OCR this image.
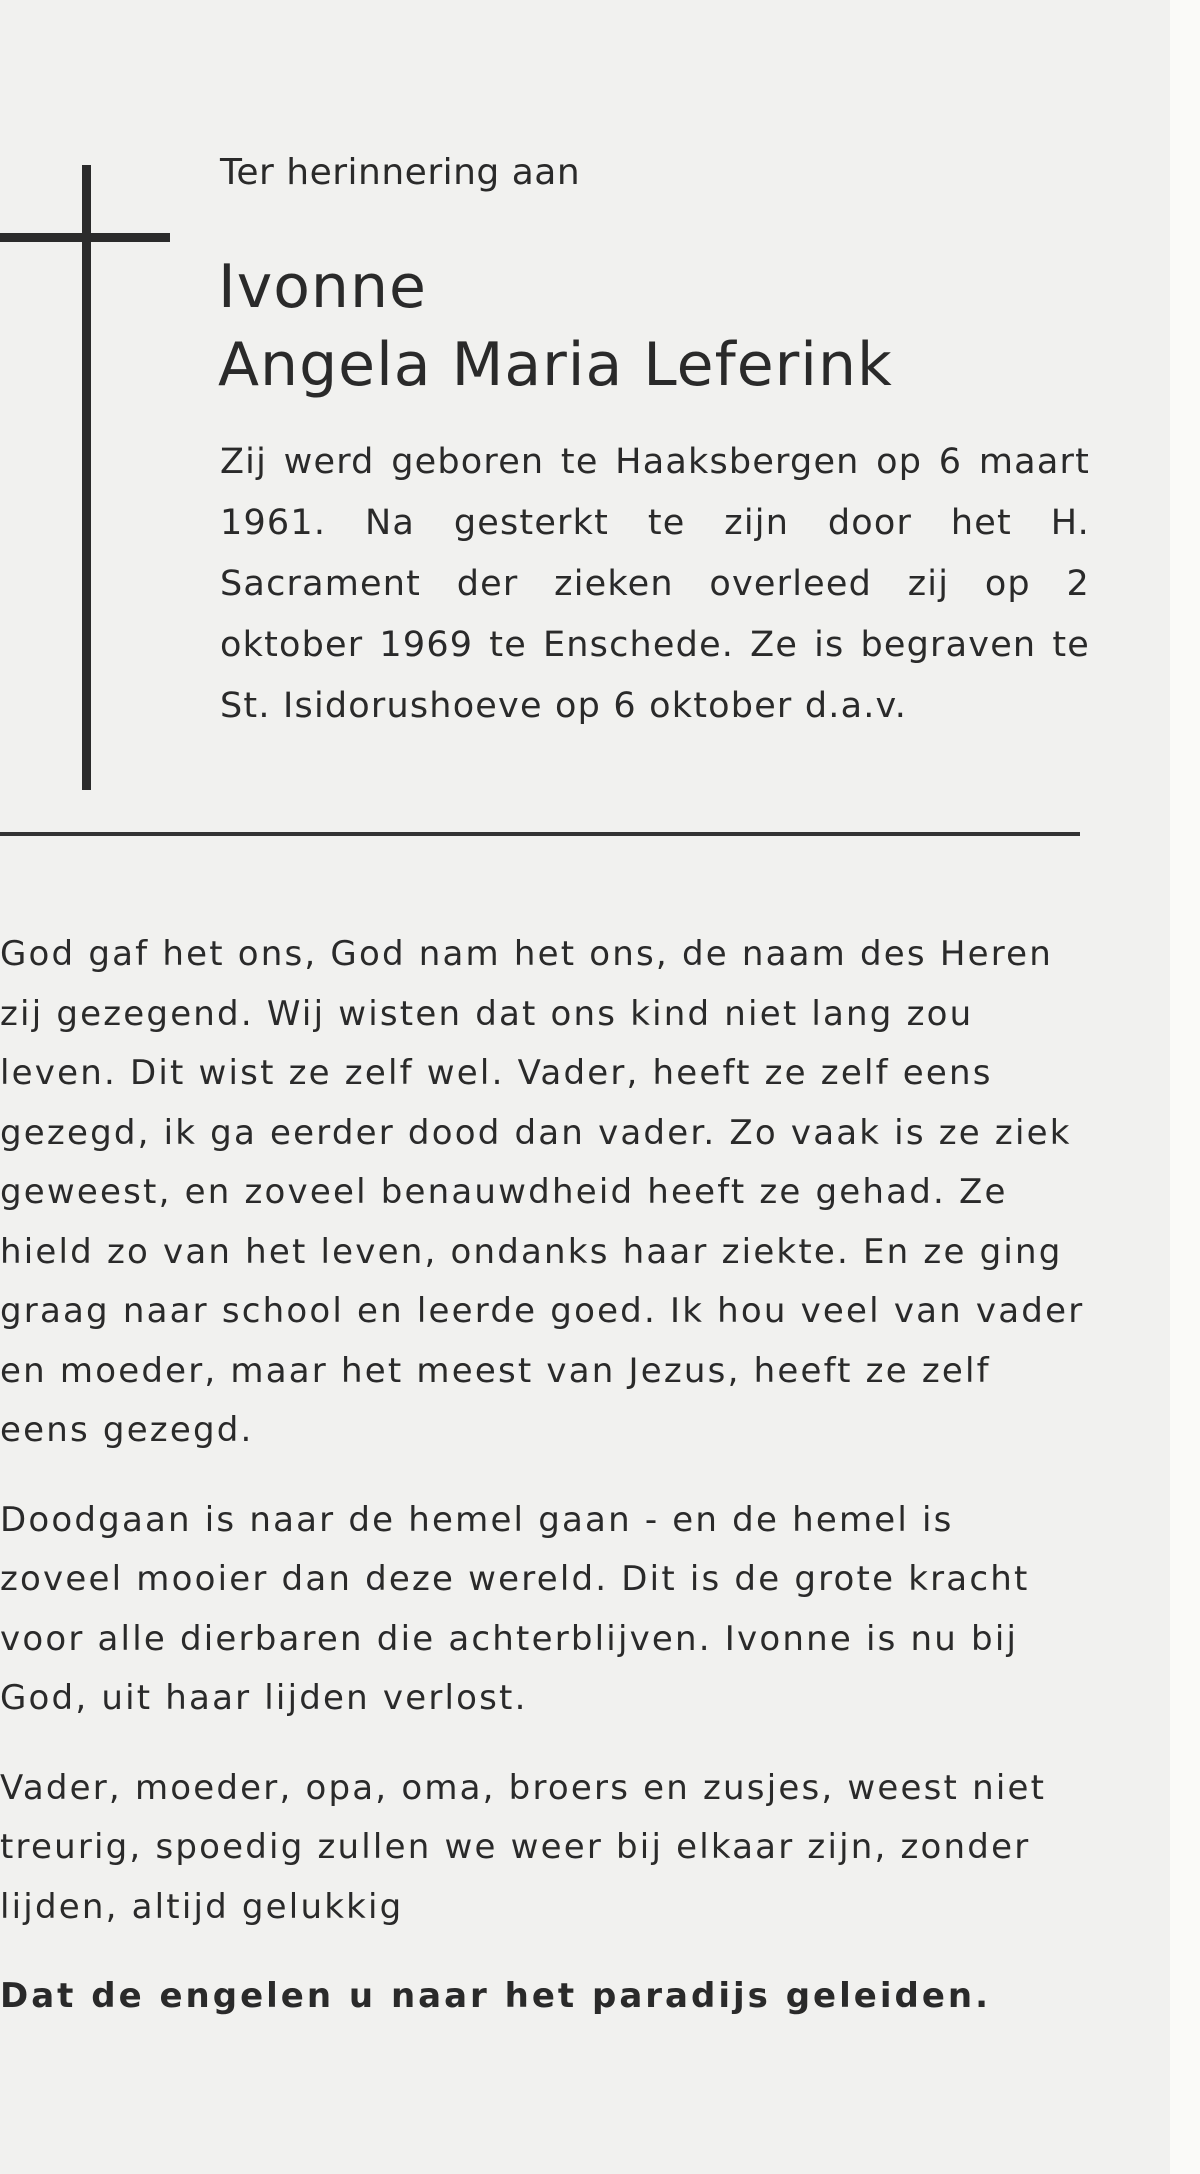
Ter herinnering aan

Ivonne
Angela Maria Leferink

Zij werd geboren te Haaksbergen op 6 maart 1961. Na gesterkt te zijn door het H. Sacrament der zieken overleed zij op 2 oktober 1969 te Enschede. Ze is begraven te St. Isidorushoeve op 6 oktober d.a.v.

God gaf het ons, God nam het ons, de naam des Heren zij gezegend. Wij wisten dat ons kind niet lang zou leven. Dit wist ze zelf wel. Vader, heeft ze zelf eens gezegd, ik ga eerder dood dan vader. Zo vaak is ze ziek geweest, en zoveel benauwdheid heeft ze gehad. Ze hield zo van het leven, ondanks haar ziekte. En ze ging graag naar school en leerde goed. Ik hou veel van vader en moeder, maar het meest van Jezus, heeft ze zelf eens gezegd.

Doodgaan is naar de hemel gaan - en de hemel is zoveel mooier dan deze wereld. Dit is de grote kracht voor alle dierbaren die achterblijven. Ivonne is nu bij God, uit haar lijden verlost.

Vader, moeder, opa, oma, broers en zusjes, weest niet treurig, spoedig zullen we weer bij elkaar zijn, zonder lijden, altijd gelukkig

Dat de engelen u naar het paradijs geleiden.
